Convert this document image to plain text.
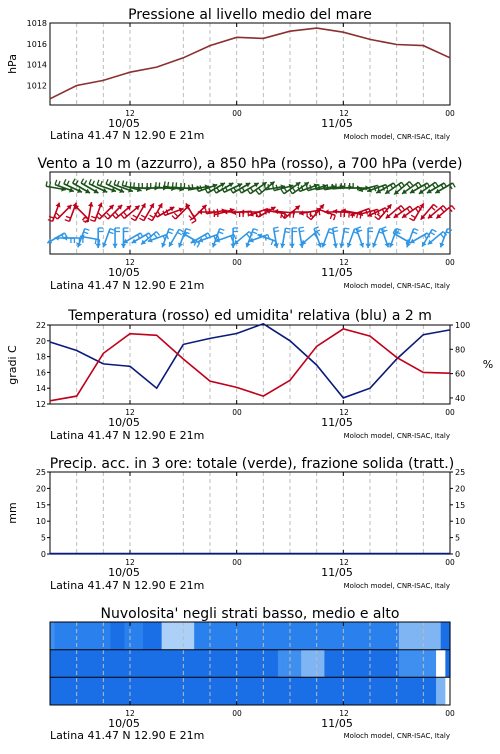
Pressione al livello medio del mare
hPa
1012
1014
1016
1018
12	00	12	00
10/05	11/05
Latina 41.47 N 12.90 E 21m	Moloch model, CNR-ISAC, Italy
Vento a 10 m (azzurro), a 850 hPa (rosso), a 700 hPa (verde)
12	00	12	00
10/05	11/05
Latina 41.47 N 12.90 E 21m	Moloch model, CNR-ISAC, Italy
Temperatura (rosso) ed umidita' relativa (blu) a 2 m
gradi C	%
12
14
16
18
20
22
40
60
80
100
12	00	12	00
10/05	11/05
Latina 41.47 N 12.90 E 21m	Moloch model, CNR-ISAC, Italy
Precip. acc. in 3 ore: totale (verde), frazione solida (tratt.)
mm
0	0
5	5
10	10
15	15
20	20
25	25
12	00	12	00
10/05	11/05
Latina 41.47 N 12.90 E 21m	Moloch model, CNR-ISAC, Italy
Nuvolosita' negli strati basso, medio e alto
12	00	12	00
10/05	11/05
Latina 41.47 N 12.90 E 21m	Moloch model, CNR-ISAC, Italy
